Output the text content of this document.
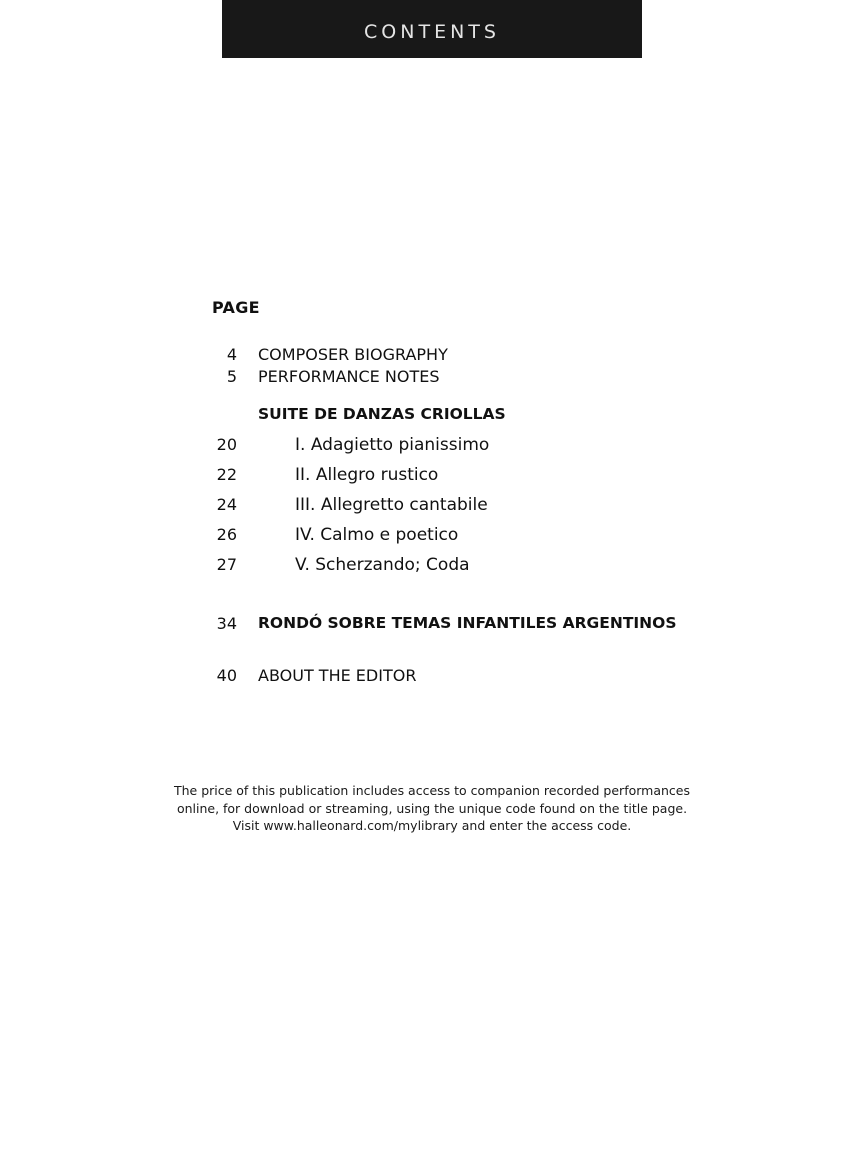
CONTENTS
PAGE
4 COMPOSER BIOGRAPHY
5 PERFORMANCE NOTES
SUITE DE DANZAS CRIOLLAS
20	I. Adagietto pianissimo
22	II. Allegro rustico
24	III. Allegretto cantabile
26	IV. Calmo e poetico
27	V. Scherzando; Coda
34 RONDÓ SOBRE TEMAS INFANTILES ARGENTINOS
40 ABOUT THE EDITOR
The price of this publication includes access to companion recorded performances
online, for download or streaming, using the unique code found on the title page.
Visit www.halleonard.com/mylibrary and enter the access code.
